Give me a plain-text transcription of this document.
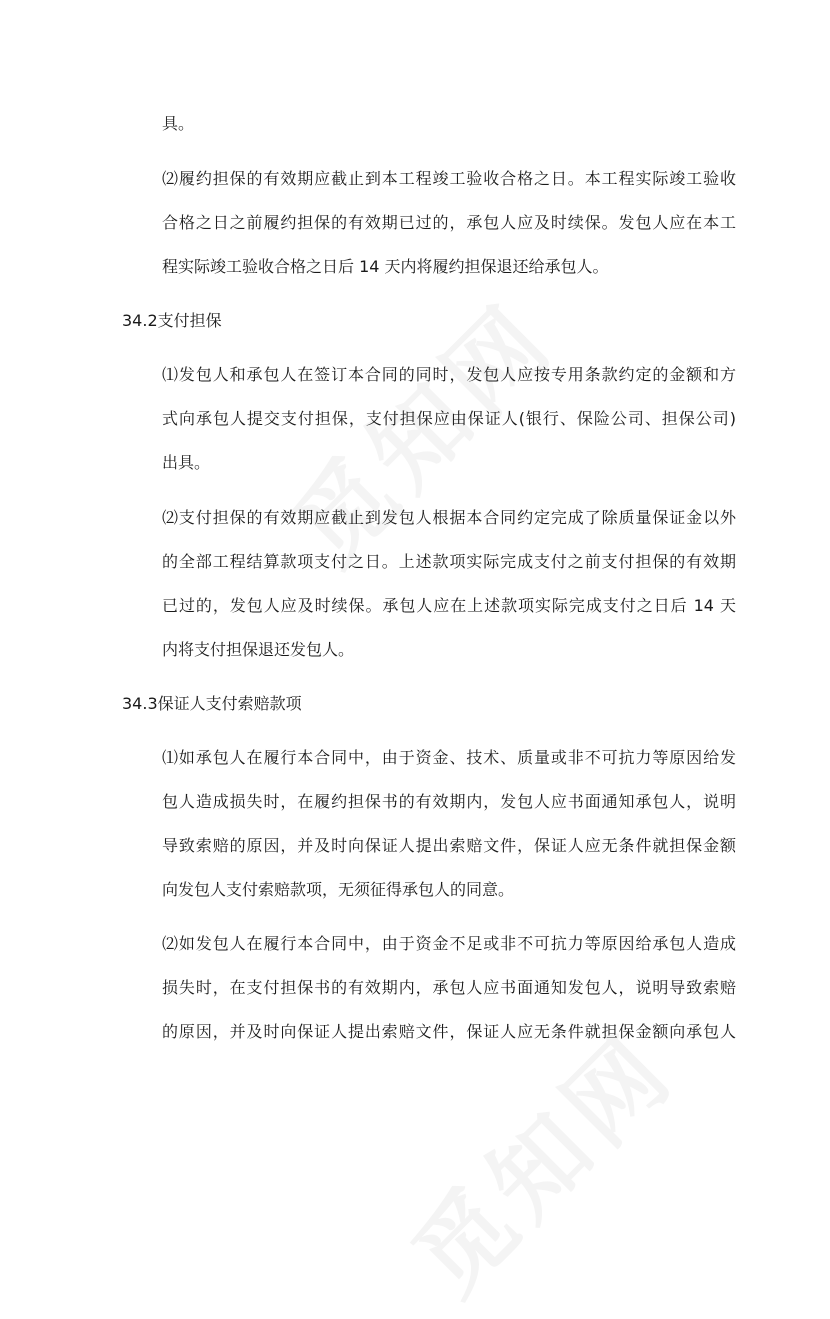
具。
⑵履约担保的有效期应截止到本工程竣工验收合格之日。本工程实际竣工验收
合格之日之前履约担保的有效期已过的，承包人应及时续保。发包人应在本工
程实际竣工验收合格之日后 14 天内将履约担保退还给承包人。
34.2支付担保
⑴发包人和承包人在签订本合同的同时，发包人应按专用条款约定的金额和方
式向承包人提交支付担保，支付担保应由保证人(银行、保险公司、担保公司)
出具。
⑵支付担保的有效期应截止到发包人根据本合同约定完成了除质量保证金以外
的全部工程结算款项支付之日。上述款项实际完成支付之前支付担保的有效期
已过的，发包人应及时续保。承包人应在上述款项实际完成支付之日后 14 天
内将支付担保退还发包人。
34.3保证人支付索赔款项
⑴如承包人在履行本合同中，由于资金、技术、质量或非不可抗力等原因给发
包人造成损失时，在履约担保书的有效期内，发包人应书面通知承包人，说明
导致索赔的原因，并及时向保证人提出索赔文件，保证人应无条件就担保金额
向发包人支付索赔款项，无须征得承包人的同意。
⑵如发包人在履行本合同中，由于资金不足或非不可抗力等原因给承包人造成
损失时，在支付担保书的有效期内，承包人应书面通知发包人，说明导致索赔
的原因，并及时向保证人提出索赔文件，保证人应无条件就担保金额向承包人
